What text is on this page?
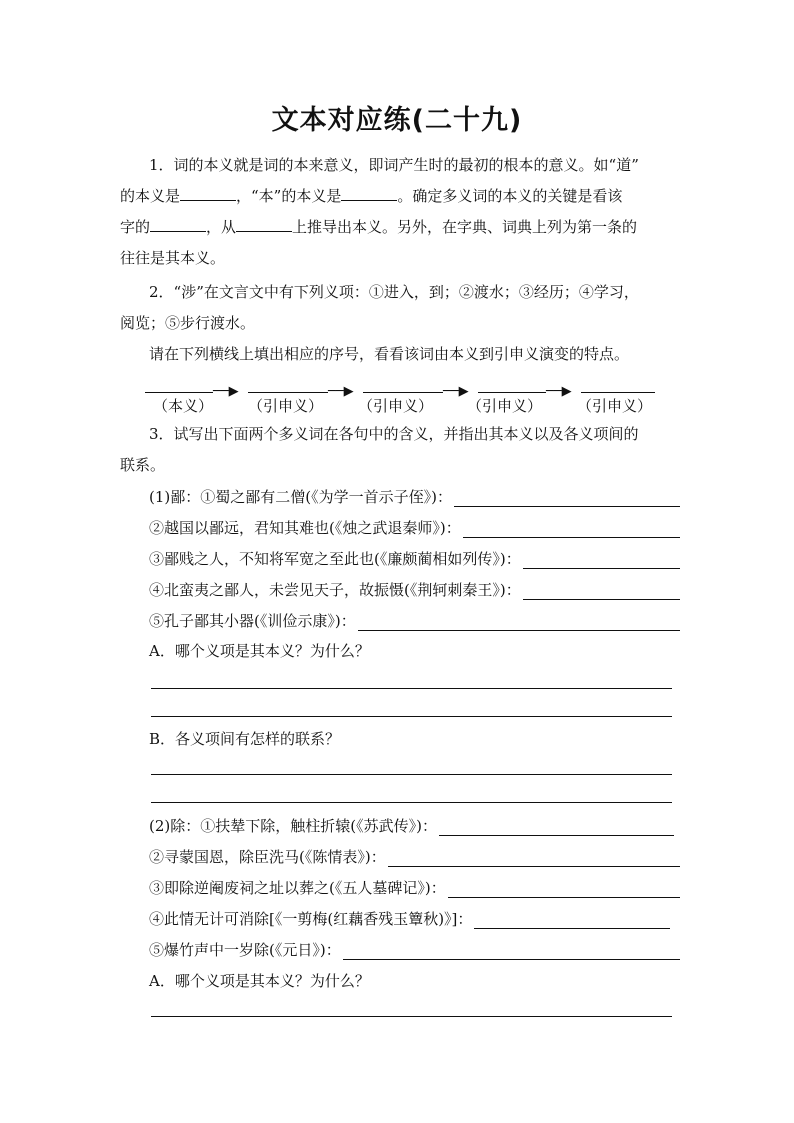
文本对应练(二十九)
1．词的本义就是词的本来意义，即词产生时的最初的根本的意义。如“道”
的本义是	，“本”的本义是	。确定多义词的本义的关键是看该
字的	，从	上推导出本义。另外，在字典、词典上列为第一条的
往往是其本义。
2．“涉”在文言文中有下列义项：①进入，到；②渡水；③经历；④学习，
阅览；⑤步行渡水。
请在下列横线上填出相应的序号，看看该词由本义到引申义演变的特点。
──▶	──▶	──▶	──▶
（本义） （引申义） （引申义） （引申义） （引申义）
3．试写出下面两个多义词在各句中的含义，并指出其本义以及各义项间的
联系。
(1)鄙：①蜀之鄙有二僧(《为学一首示子侄》)：
②越国以鄙远，君知其难也(《烛之武退秦师》)：
③鄙贱之人，不知将军宽之至此也(《廉颇蔺相如列传》)：
④北蛮夷之鄙人，未尝见天子，故振慑(《荆轲刺秦王》)：
⑤孔子鄙其小器(《训俭示康》)：
A．哪个义项是其本义？为什么？
B．各义项间有怎样的联系？
(2)除：①扶辇下除，触柱折辕(《苏武传》)：
②寻蒙国恩，除臣洗马(《陈情表》)：
③即除逆阉废祠之址以葬之(《五人墓碑记》)：
④此情无计可消除[《一剪梅(红藕香残玉簟秋)》]：
⑤爆竹声中一岁除(《元日》)：
A．哪个义项是其本义？为什么？
